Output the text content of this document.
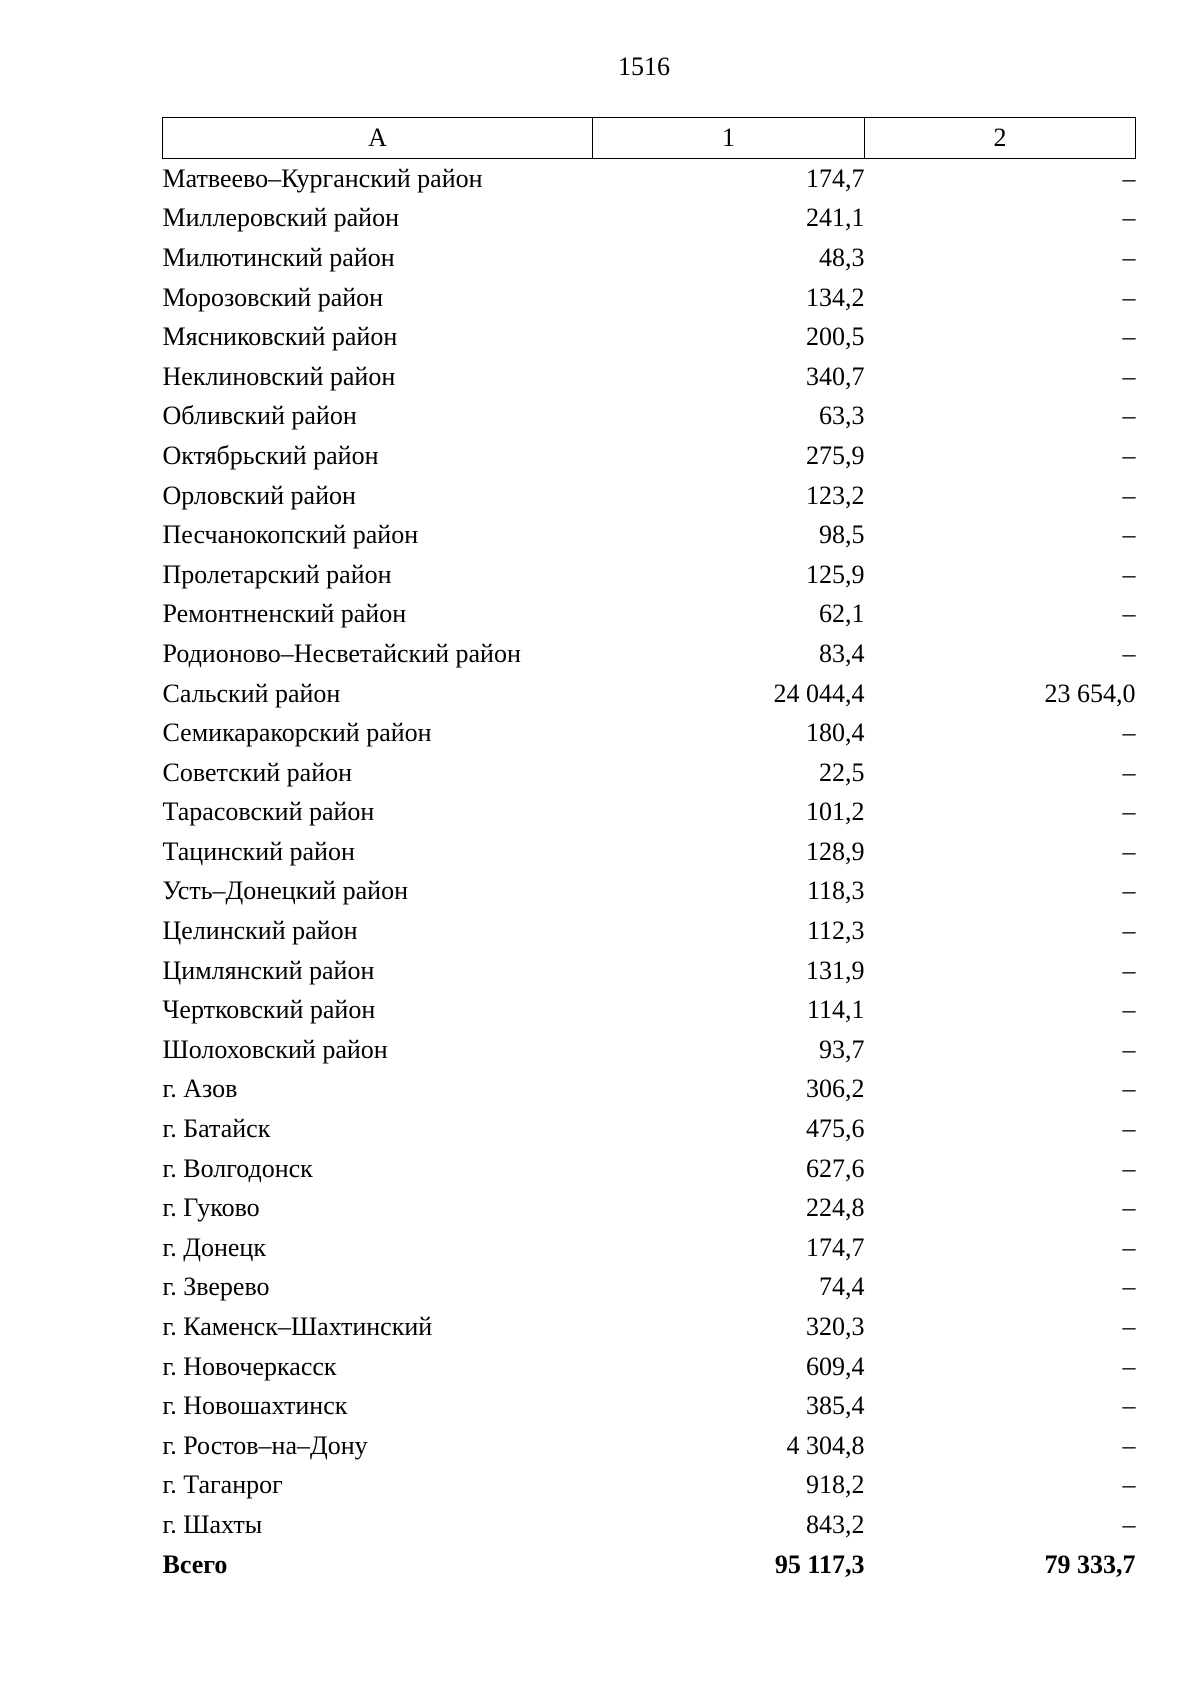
1516
А	1	2
Матвеево–Курганский район	174,7	–
Миллеровский район	241,1	–
Милютинский район	48,3	–
Морозовский район	134,2	–
Мясниковский район	200,5	–
Неклиновский район	340,7	–
Обливский район	63,3	–
Октябрьский район	275,9	–
Орловский район	123,2	–
Песчанокопский район	98,5	–
Пролетарский район	125,9	–
Ремонтненский район	62,1	–
Родионово–Несветайский район	83,4	–
Сальский район	24 044,4	23 654,0
Семикаракорский район	180,4	–
Советский район	22,5	–
Тарасовский район	101,2	–
Тацинский район	128,9	–
Усть–Донецкий район	118,3	–
Целинский район	112,3	–
Цимлянский район	131,9	–
Чертковский район	114,1	–
Шолоховский район	93,7	–
г. Азов	306,2	–
г. Батайск	475,6	–
г. Волгодонск	627,6	–
г. Гуково	224,8	–
г. Донецк	174,7	–
г. Зверево	74,4	–
г. Каменск–Шахтинский	320,3	–
г. Новочеркасск	609,4	–
г. Новошахтинск	385,4	–
г. Ростов–на–Дону	4 304,8	–
г. Таганрог	918,2	–
г. Шахты	843,2	–
Всего	95 117,3	79 333,7
